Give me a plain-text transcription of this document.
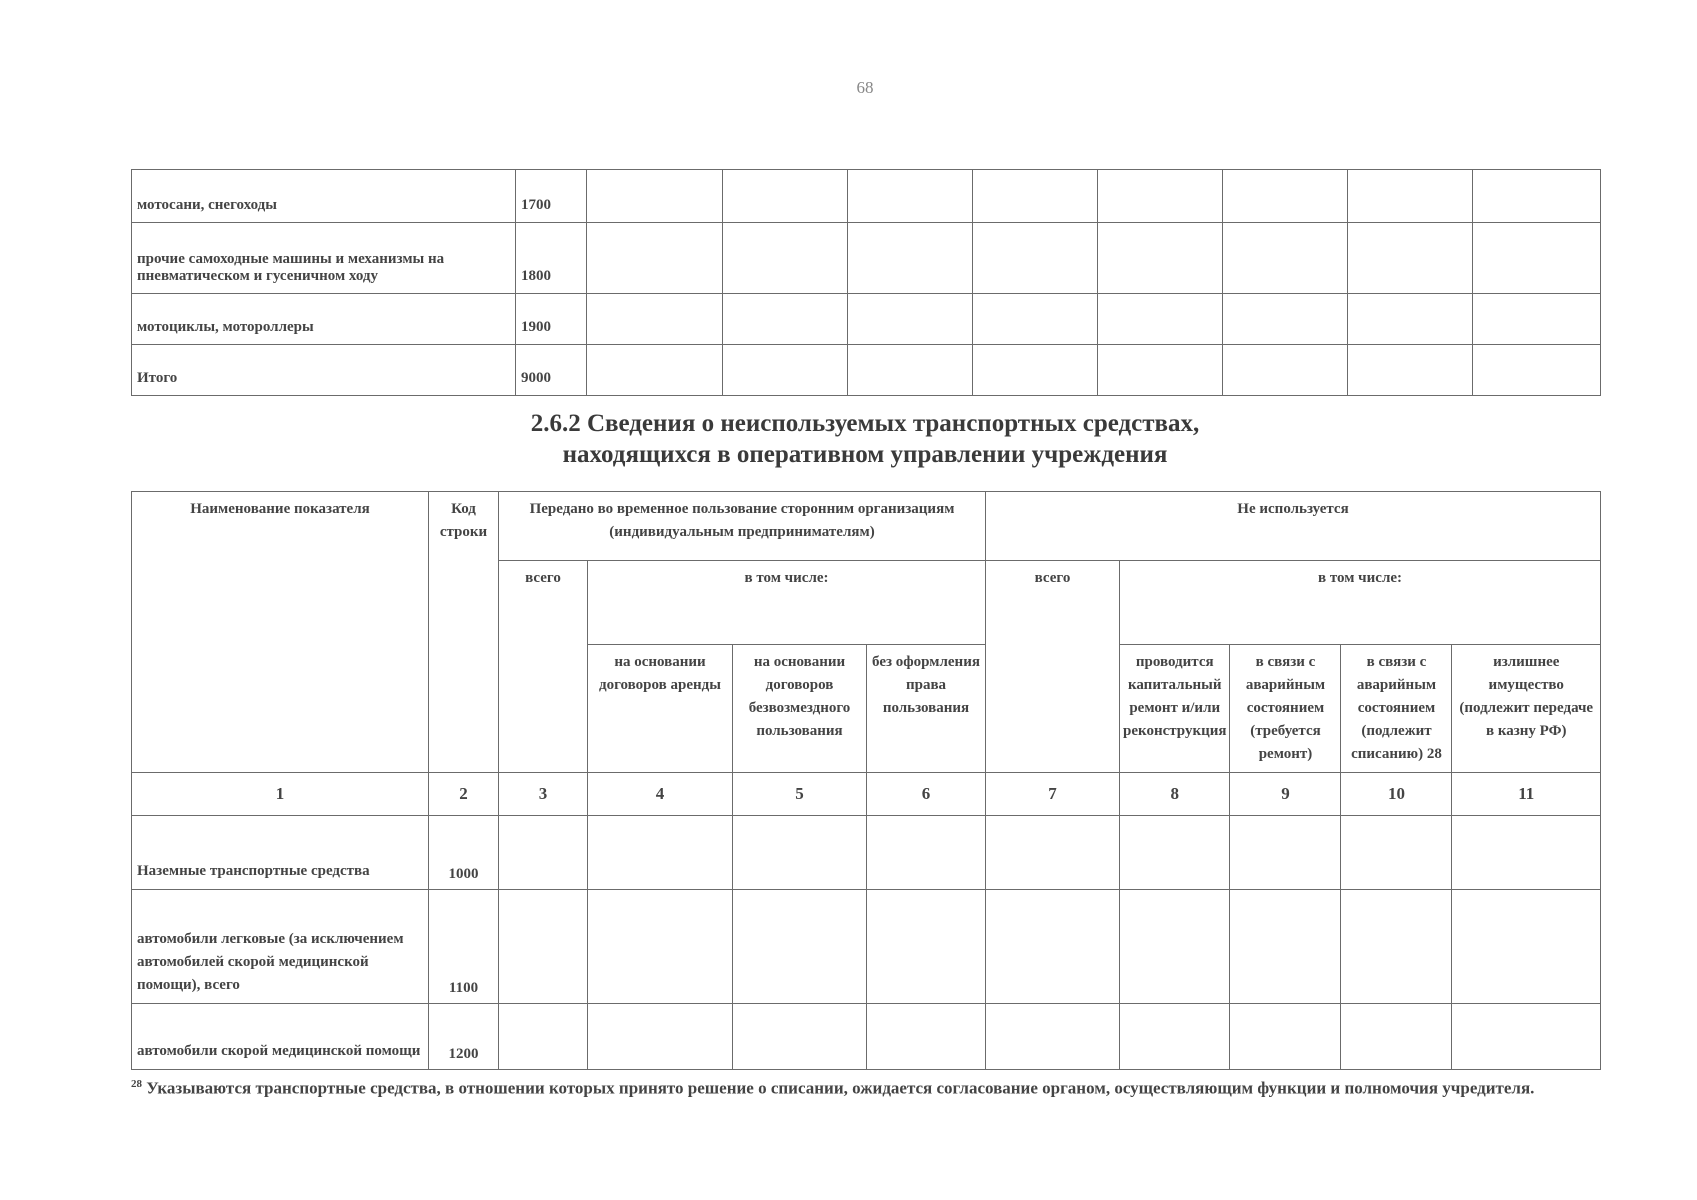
68
мотосани, снегоходы	1700								
прочие самоходные машины и механизмы на пневматическом и гусеничном ходу	1800								
мотоциклы, мотороллеры	1900								
Итого	9000								
2.6.2 Сведения о неиспользуемых транспортных средствах,
находящихся в оперативном управлении учреждения
Наименование показателя	Код строки	Передано во временное пользование сторонним организациям (индивидуальным предпринимателям)				Не используется				
		всего	в том числе:			всего	в том числе:			
			на основании договоров аренды	на основании договоров безвозмездного пользования	без оформления права пользования		проводится капитальный ремонт и/или реконструкция	в связи с аварийным состоянием (требуется ремонт)	в связи с аварийным состоянием (подлежит списанию) 28	излишнее имущество (подлежит передаче в казну РФ)
1	2	3	4	5	6	7	8	9	10	11
Наземные транспортные средства	1000									
автомобили легковые (за исключением автомобилей скорой медицинской помощи), всего	1100									
автомобили скорой медицинской помощи	1200									
$^{28}$ Указываются транспортные средства, в отношении которых принято решение о списании, ожидается согласование органом, осуществляющим функции и полномочия учредителя.
